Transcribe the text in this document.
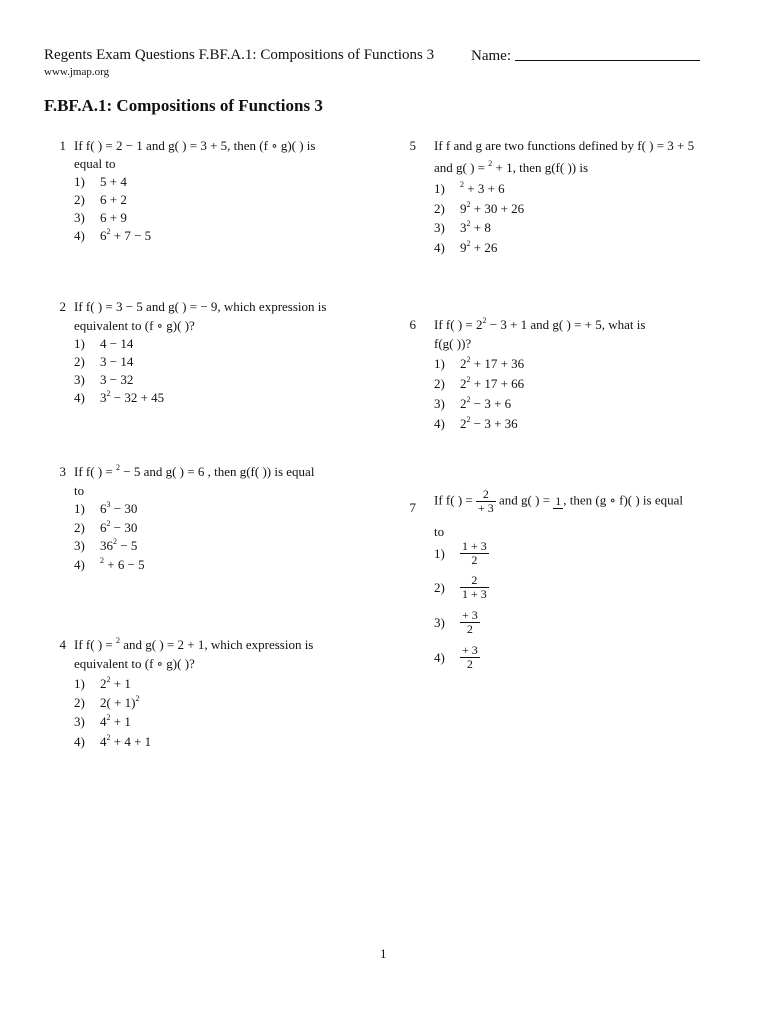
Regents Exam Questions F.BF.A.1: Compositions of Functions 3 Name:
www.jmap.org
F.BF.A.1: Compositions of Functions 3
1 If f( ) = 2 − 1 and g( ) = 3 + 5, then (f ∘ g)( ) is
equal to
1) 5 + 4
2) 6 + 2
3) 6 + 9
4) $6^2 + 7 - 5$
2 If f( ) = 3 − 5 and g( ) = − 9, which expression is
equivalent to (f ∘ g)( )?
1) 4 − 14
2) 3 − 14
3) 3 − 32
4) $3^2 - 32 + 45$
3 If f( ) = $^2$ − 5 and g( ) = 6 , then g(f( )) is equal
to
1) $6^3 - 30$
2) $6^2 - 30$
3) $36^2 - 5$
4) $^2$ + 6 − 5
4 If f( ) = $^2$ and g( ) = 2 + 1, which expression is
equivalent to (f ∘ g)( )?
1) $2^2 + 1$
2) $2( + 1)^2$
3) $4^2 + 1$
4) $4^2 + 4 + 1$
5 If f and g are two functions defined by f( ) = 3 + 5
and g( ) = $^2$ + 1, then g(f( )) is
1) $^2$ + 3 + 6
2) $9^2 + 30 + 26$
3) $3^2 + 8$
4) $9^2 + 26$
6 If f( ) = $2^2 - 3 + 1$ and g( ) = + 5, what is
f(g( ))?
1) $2^2 + 17 + 36$
2) $2^2 + 17 + 66$
3) $2^2 - 3 + 6$
4) $2^2 - 3 + 36$
7
If f( ) = $\frac{2}{+ 3}$ and g( ) = 1 , then (g ∘ f)( ) is equal
to
$1) \frac{1 + 3}{2}$
$2) \frac{2}{1 + 3}$
$3) \frac{+ 3}{2}$
$4) \frac{+ 3}{2}$
1
